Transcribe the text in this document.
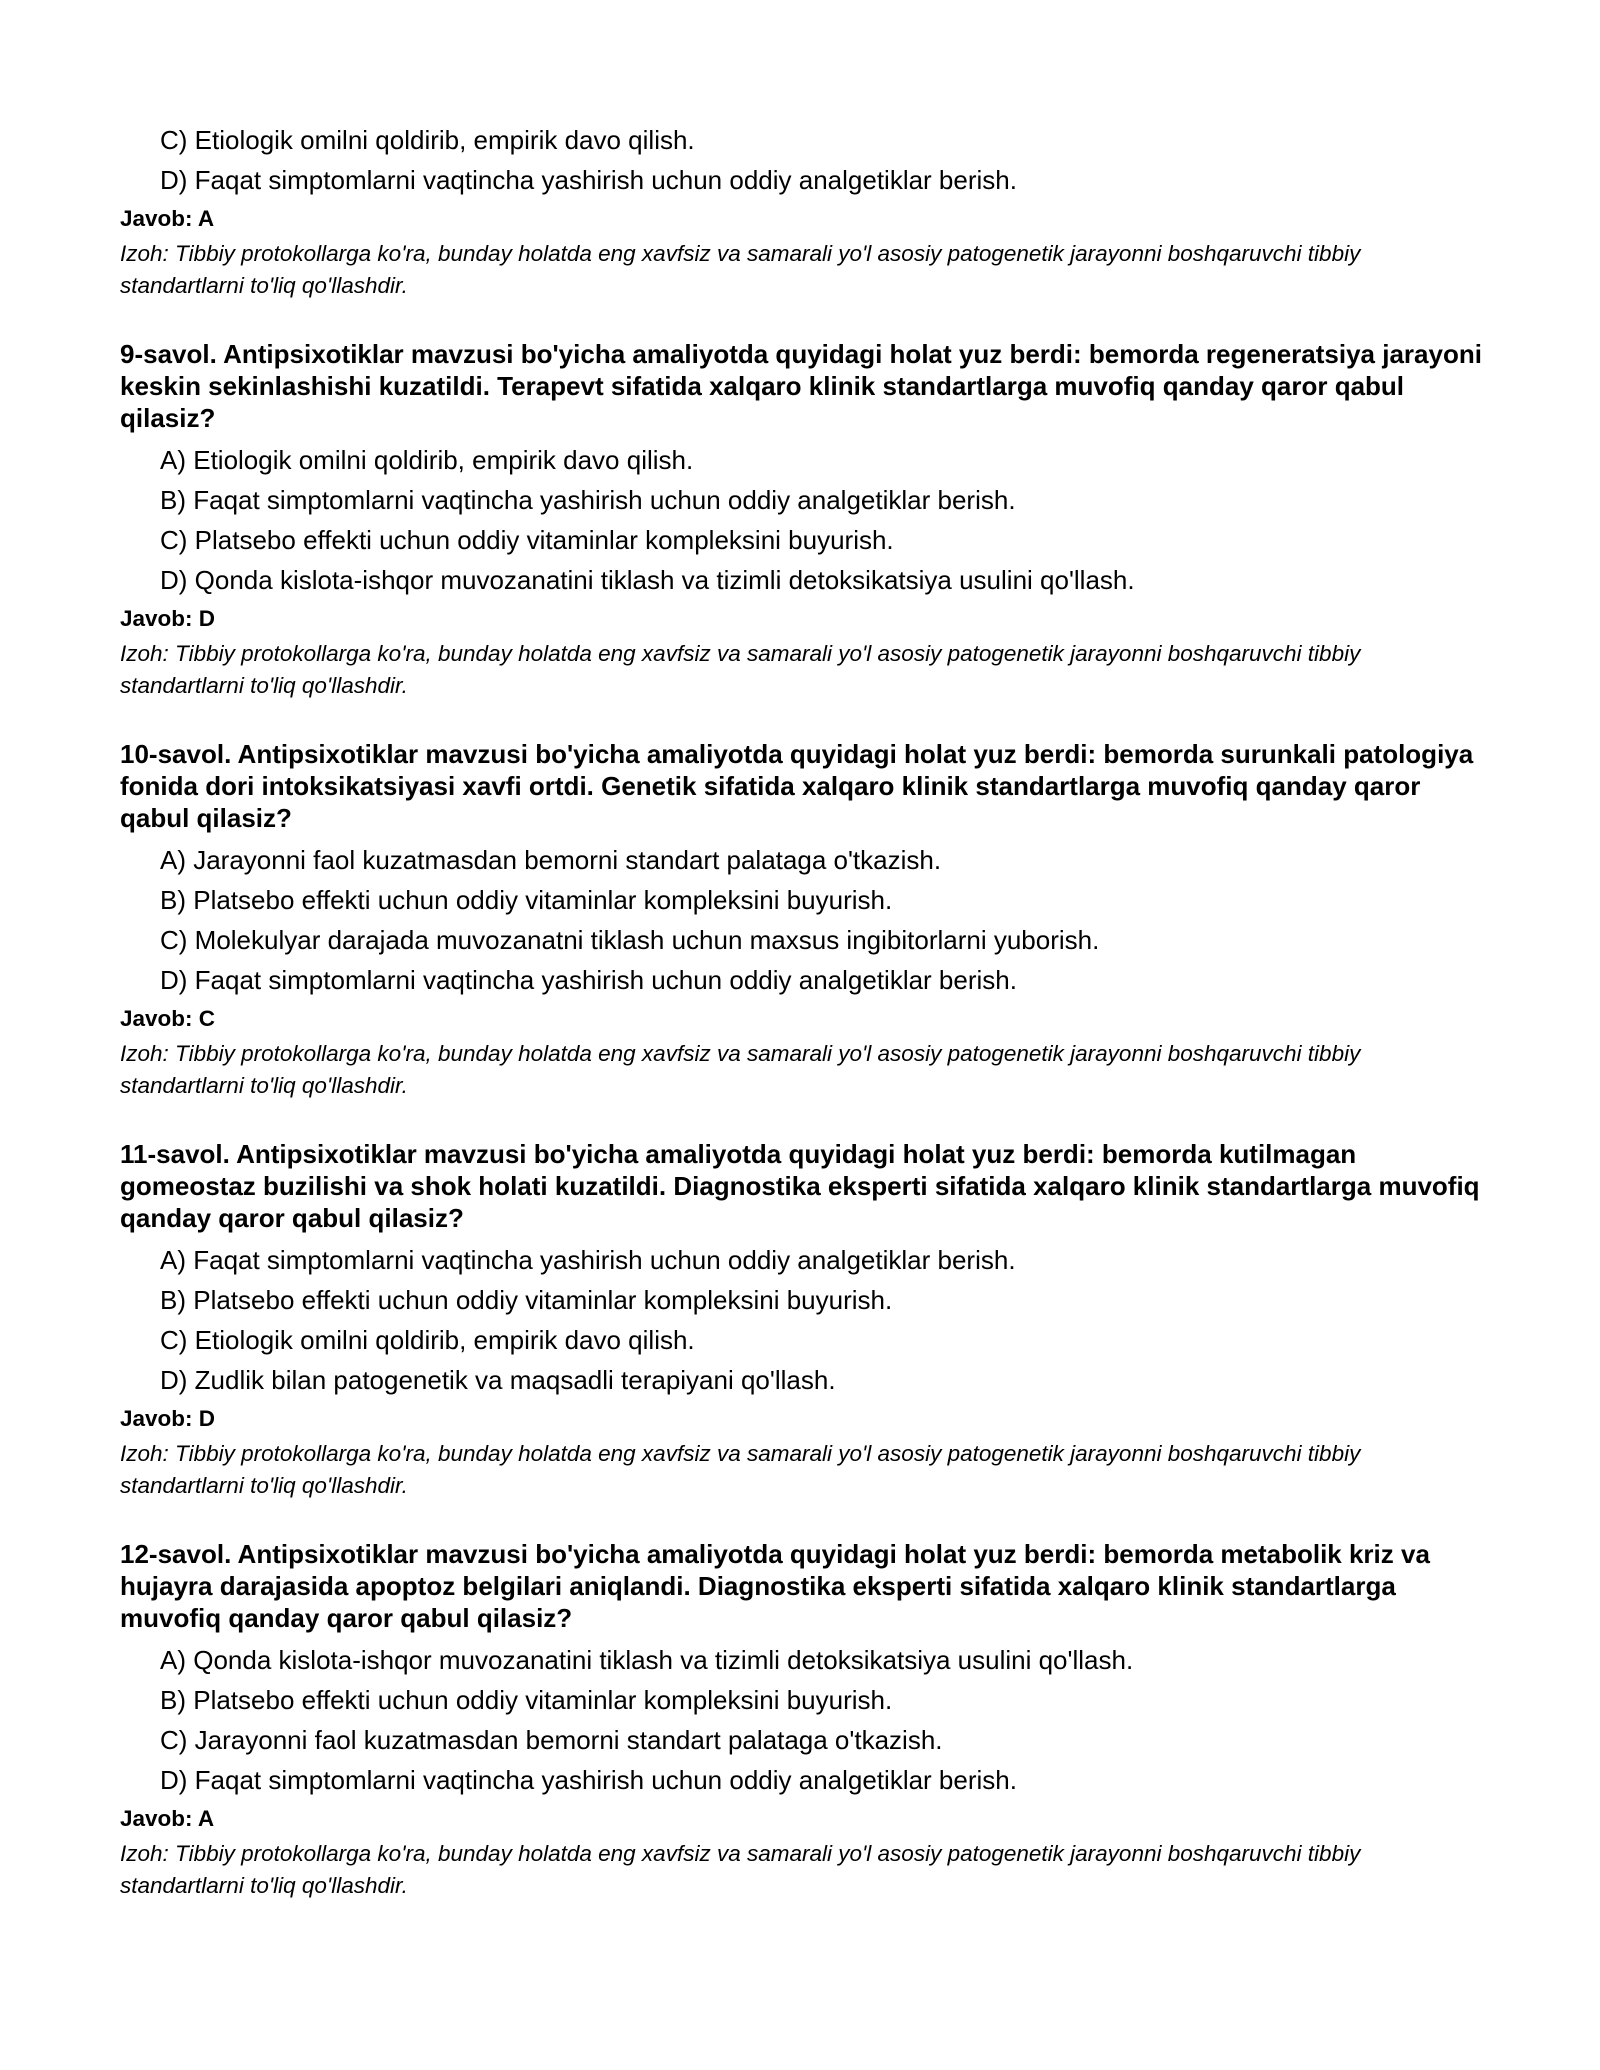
C) Etiologik omilni qoldirib, empirik davo qilish.
D) Faqat simptomlarni vaqtincha yashirish uchun oddiy analgetiklar berish.
Javob: A
Izoh: Tibbiy protokollarga ko'ra, bunday holatda eng xavfsiz va samarali yo'l asosiy patogenetik jarayonni boshqaruvchi tibbiy standartlarni to'liq qo'llashdir.
9-savol. Antipsixotiklar mavzusi bo'yicha amaliyotda quyidagi holat yuz berdi: bemorda regeneratsiya jarayoni keskin sekinlashishi kuzatildi. Terapevt sifatida xalqaro klinik standartlarga muvofiq qanday qaror qabul qilasiz?
A) Etiologik omilni qoldirib, empirik davo qilish.
B) Faqat simptomlarni vaqtincha yashirish uchun oddiy analgetiklar berish.
C) Platsebo effekti uchun oddiy vitaminlar kompleksini buyurish.
D) Qonda kislota-ishqor muvozanatini tiklash va tizimli detoksikatsiya usulini qo'llash.
Javob: D
Izoh: Tibbiy protokollarga ko'ra, bunday holatda eng xavfsiz va samarali yo'l asosiy patogenetik jarayonni boshqaruvchi tibbiy standartlarni to'liq qo'llashdir.
10-savol. Antipsixotiklar mavzusi bo'yicha amaliyotda quyidagi holat yuz berdi: bemorda surunkali patologiya fonida dori intoksikatsiyasi xavfi ortdi. Genetik sifatida xalqaro klinik standartlarga muvofiq qanday qaror qabul qilasiz?
A) Jarayonni faol kuzatmasdan bemorni standart palataga o'tkazish.
B) Platsebo effekti uchun oddiy vitaminlar kompleksini buyurish.
C) Molekulyar darajada muvozanatni tiklash uchun maxsus ingibitorlarni yuborish.
D) Faqat simptomlarni vaqtincha yashirish uchun oddiy analgetiklar berish.
Javob: C
Izoh: Tibbiy protokollarga ko'ra, bunday holatda eng xavfsiz va samarali yo'l asosiy patogenetik jarayonni boshqaruvchi tibbiy standartlarni to'liq qo'llashdir.
11-savol. Antipsixotiklar mavzusi bo'yicha amaliyotda quyidagi holat yuz berdi: bemorda kutilmagan gomeostaz buzilishi va shok holati kuzatildi. Diagnostika eksperti sifatida xalqaro klinik standartlarga muvofiq qanday qaror qabul qilasiz?
A) Faqat simptomlarni vaqtincha yashirish uchun oddiy analgetiklar berish.
B) Platsebo effekti uchun oddiy vitaminlar kompleksini buyurish.
C) Etiologik omilni qoldirib, empirik davo qilish.
D) Zudlik bilan patogenetik va maqsadli terapiyani qo'llash.
Javob: D
Izoh: Tibbiy protokollarga ko'ra, bunday holatda eng xavfsiz va samarali yo'l asosiy patogenetik jarayonni boshqaruvchi tibbiy standartlarni to'liq qo'llashdir.
12-savol. Antipsixotiklar mavzusi bo'yicha amaliyotda quyidagi holat yuz berdi: bemorda metabolik kriz va hujayra darajasida apoptoz belgilari aniqlandi. Diagnostika eksperti sifatida xalqaro klinik standartlarga muvofiq qanday qaror qabul qilasiz?
A) Qonda kislota-ishqor muvozanatini tiklash va tizimli detoksikatsiya usulini qo'llash.
B) Platsebo effekti uchun oddiy vitaminlar kompleksini buyurish.
C) Jarayonni faol kuzatmasdan bemorni standart palataga o'tkazish.
D) Faqat simptomlarni vaqtincha yashirish uchun oddiy analgetiklar berish.
Javob: A
Izoh: Tibbiy protokollarga ko'ra, bunday holatda eng xavfsiz va samarali yo'l asosiy patogenetik jarayonni boshqaruvchi tibbiy standartlarni to'liq qo'llashdir.
